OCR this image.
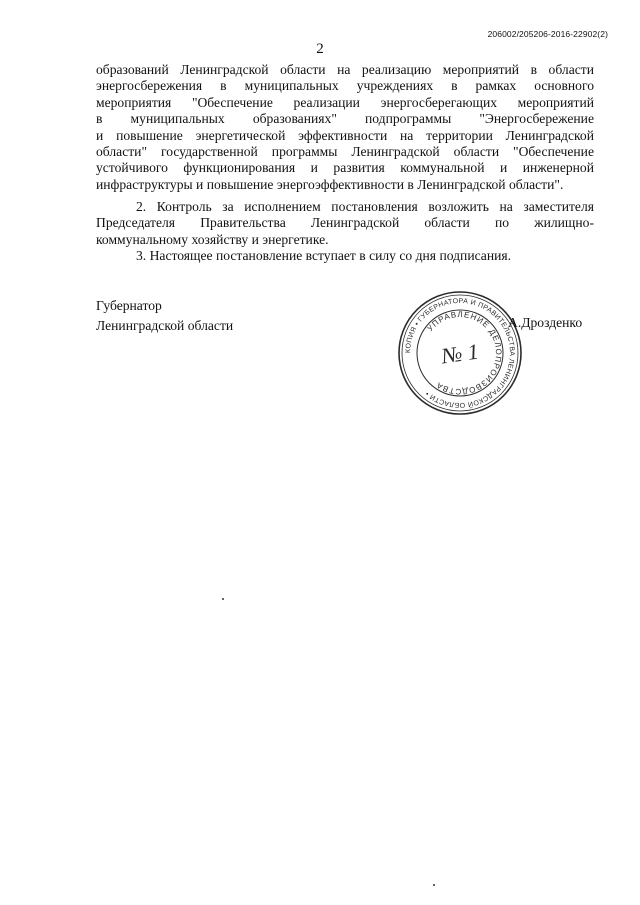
206002/205206-2016-22902(2)
2
образований Ленинградской области на реализацию мероприятий в области
энергосбережения в муниципальных учреждениях в рамках основного
мероприятия "Обеспечение реализации энергосберегающих мероприятий
в муниципальных образованиях" подпрограммы "Энергосбережение
и повышение энергетической эффективности на территории Ленинградской
области" государственной программы Ленинградской области "Обеспечение
устойчивого функционирования и развития коммунальной и инженерной
инфраструктуры и повышение энергоэффективности в Ленинградской области".
2. Контроль за исполнением постановления возложить на заместителя
Председателя Правительства Ленинградской области по жилищно-
коммунальному хозяйству и энергетике.
3. Настоящее постановление вступает в силу со дня подписания.
Губернатор
Ленинградской области
КОПИЯ • ГУБЕРНАТОРА И ПРАВИТЕЛЬСТВА ЛЕНИНГРАДСКОЙ ОБЛАСТИ •
УПРАВЛЕНИЕ ДЕЛОПРОИЗВОДСТВА
№ 1
А.Дрозденко
